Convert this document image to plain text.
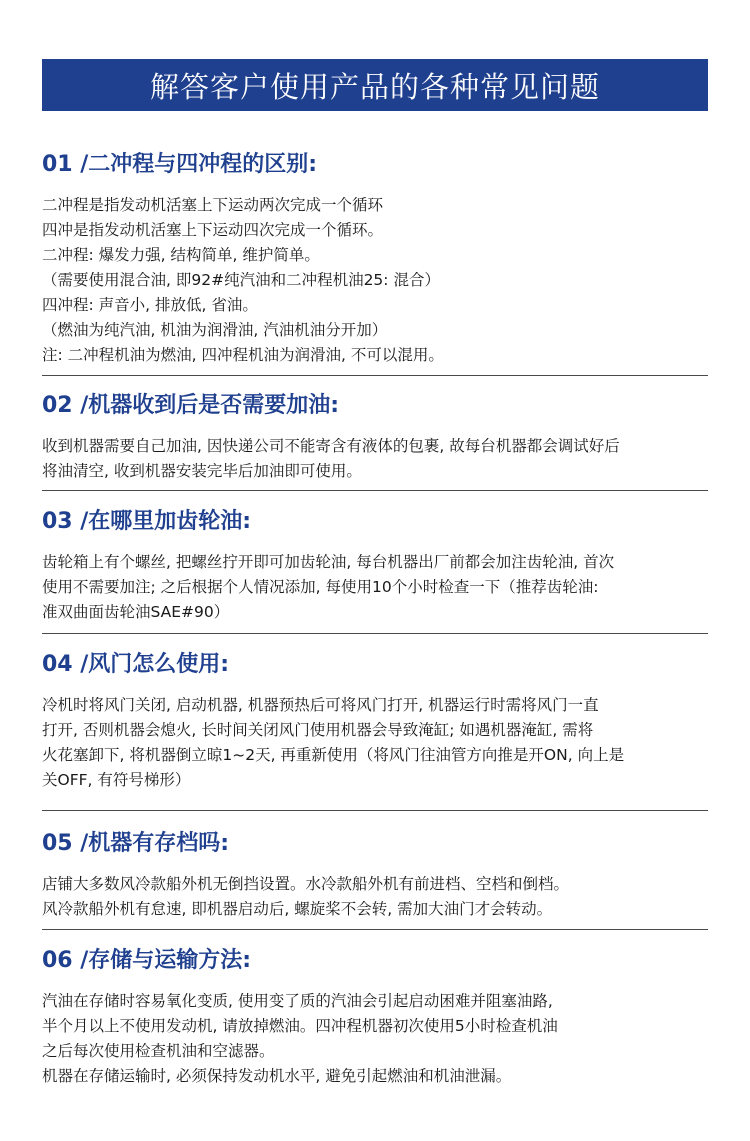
解答客户使用产品的各种常见问题
01 /二冲程与四冲程的区别:
二冲程是指发动机活塞上下运动两次完成一个循环
四冲是指发动机活塞上下运动四次完成一个循环。
二冲程: 爆发力强, 结构简单, 维护简单。
（需要使用混合油, 即92#纯汽油和二冲程机油25: 混合）
四冲程: 声音小, 排放低, 省油。
（燃油为纯汽油, 机油为润滑油, 汽油机油分开加）
注: 二冲程机油为燃油, 四冲程机油为润滑油, 不可以混用。
02 /机器收到后是否需要加油:
收到机器需要自己加油, 因快递公司不能寄含有液体的包裹, 故每台机器都会调试好后
将油清空, 收到机器安装完毕后加油即可使用。
03 /在哪里加齿轮油:
齿轮箱上有个螺丝, 把螺丝拧开即可加齿轮油, 每台机器出厂前都会加注齿轮油, 首次
使用不需要加注; 之后根据个人情况添加, 每使用10个小时检查一下（推荐齿轮油:
准双曲面齿轮油SAE#90）
04 /风门怎么使用:
冷机时将风门关闭, 启动机器, 机器预热后可将风门打开, 机器运行时需将风门一直
打开, 否则机器会熄火, 长时间关闭风门使用机器会导致淹缸; 如遇机器淹缸, 需将
火花塞卸下, 将机器倒立晾1~2天, 再重新使用（将风门往油管方向推是开ON, 向上是
关OFF, 有符号梯形）
05 /机器有存档吗:
店铺大多数风冷款船外机无倒挡设置。水冷款船外机有前进档、空档和倒档。
风冷款船外机有怠速, 即机器启动后, 螺旋桨不会转, 需加大油门才会转动。
06 /存储与运输方法:
汽油在存储时容易氧化变质, 使用变了质的汽油会引起启动困难并阻塞油路,
半个月以上不使用发动机, 请放掉燃油。四冲程机器初次使用5小时检查机油
之后每次使用检查机油和空滤器。
机器在存储运输时, 必须保持发动机水平, 避免引起燃油和机油泄漏。
